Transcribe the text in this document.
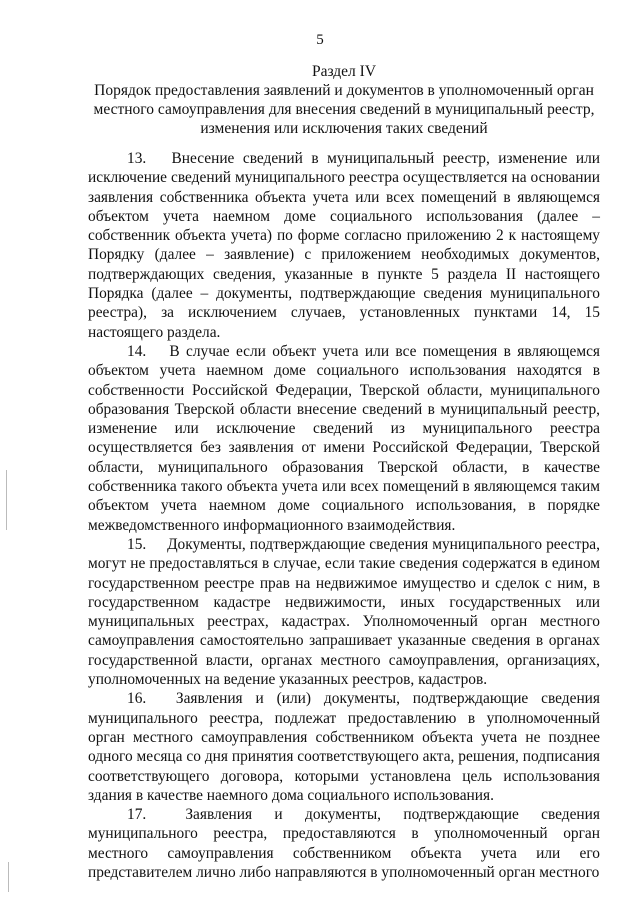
5
Раздел IV
Порядок предоставления заявлений и документов в уполномоченный орган
местного самоуправления для внесения сведений в муниципальный реестр,
изменения или исключения таких сведений

13. Внесение сведений в муниципальный реестр, изменение или исключение сведений муниципального реестра осуществляется на основании заявления собственника объекта учета или всех помещений в являющемся объектом учета наемном доме социального использования (далее – собственник объекта учета) по форме согласно приложению 2 к настоящему Порядку (далее – заявление) с приложением необходимых документов, подтверждающих сведения, указанные в пункте 5 раздела II настоящего Порядка (далее – документы, подтверждающие сведения муниципального реестра), за исключением случаев, установленных пунктами 14, 15 настоящего раздела.

14. В случае если объект учета или все помещения в являющемся объектом учета наемном доме социального использования находятся в собственности Российской Федерации, Тверской области, муниципального образования Тверской области внесение сведений в муниципальный реестр, изменение или исключение сведений из муниципального реестра осуществляется без заявления от имени Российской Федерации, Тверской области, муниципального образования Тверской области, в качестве собственника такого объекта учета или всех помещений в являющемся таким объектом учета наемном доме социального использования, в порядке межведомственного информационного взаимодействия.

15. Документы, подтверждающие сведения муниципального реестра, могут не предоставляться в случае, если такие сведения содержатся в едином государственном реестре прав на недвижимое имущество и сделок с ним, в государственном кадастре недвижимости, иных государственных или муниципальных реестрах, кадастрах. Уполномоченный орган местного самоуправления самостоятельно запрашивает указанные сведения в органах государственной власти, органах местного самоуправления, организациях, уполномоченных на ведение указанных реестров, кадастров.

16. Заявления и (или) документы, подтверждающие сведения муниципального реестра, подлежат предоставлению в уполномоченный орган местного самоуправления собственником объекта учета не позднее одного месяца со дня принятия соответствующего акта, решения, подписания соответствующего договора, которыми установлена цель использования здания в качестве наемного дома социального использования.

17.	Заявления и документы, подтверждающие сведения муниципального реестра, предоставляются в уполномоченный орган местного самоуправления собственником объекта учета или его представителем лично либо направляются в уполномоченный орган местного
